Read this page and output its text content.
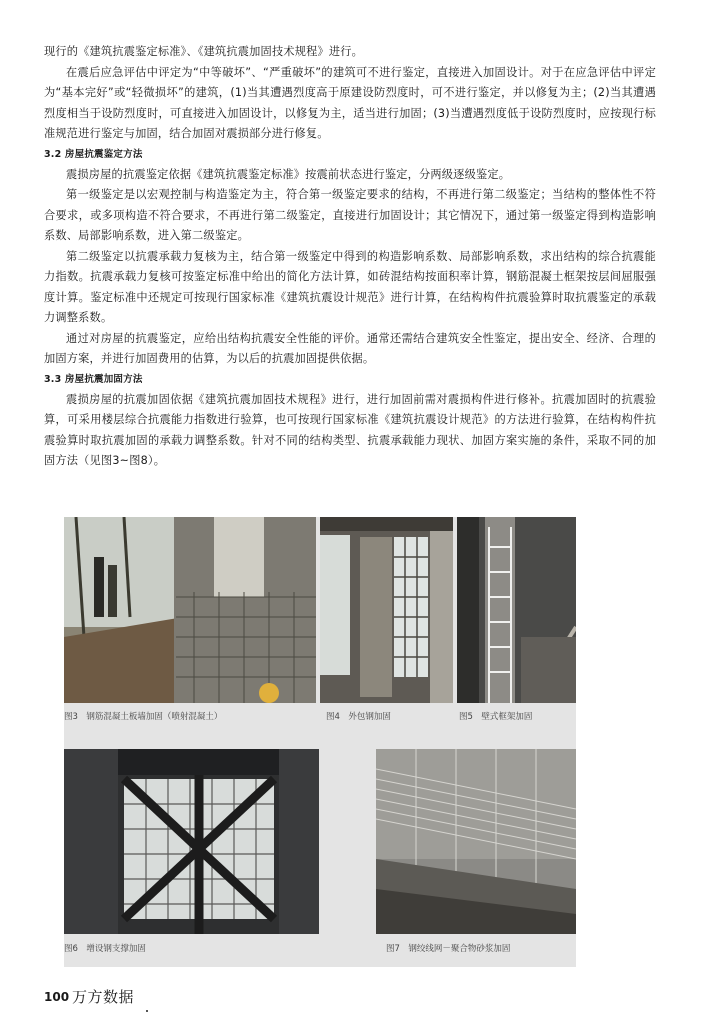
现行的《建筑抗震鉴定标准》、《建筑抗震加固技术规程》进行。

在震后应急评估中评定为“中等破坏”、“严重破坏”的建筑可不进行鉴定，直接进入加固设计。对于在应急评估中评定为“基本完好”或“轻微损坏”的建筑，(1)当其遭遇烈度高于原建设防烈度时，可不进行鉴定，并以修复为主；(2)当其遭遇烈度相当于设防烈度时，可直接进入加固设计，以修复为主，适当进行加固；(3)当遭遇烈度低于设防烈度时，应按现行标准规范进行鉴定与加固，结合加固对震损部分进行修复。

3.2 房屋抗震鉴定方法

震损房屋的抗震鉴定依据《建筑抗震鉴定标准》按震前状态进行鉴定，分两级逐级鉴定。

第一级鉴定是以宏观控制与构造鉴定为主，符合第一级鉴定要求的结构，不再进行第二级鉴定；当结构的整体性不符合要求，或多项构造不符合要求，不再进行第二级鉴定，直接进行加固设计；其它情况下，通过第一级鉴定得到构造影响系数、局部影响系数，进入第二级鉴定。

第二级鉴定以抗震承载力复核为主，结合第一级鉴定中得到的构造影响系数、局部影响系数，求出结构的综合抗震能力指数。抗震承载力复核可按鉴定标准中给出的简化方法计算，如砖混结构按面积率计算，钢筋混凝土框架按层间屈服强度计算。鉴定标准中还规定可按现行国家标准《建筑抗震设计规范》进行计算，在结构构件抗震验算时取抗震鉴定的承载力调整系数。

通过对房屋的抗震鉴定，应给出结构抗震安全性能的评价。通常还需结合建筑安全性鉴定，提出安全、经济、合理的加固方案，并进行加固费用的估算，为以后的抗震加固提供依据。

3.3 房屋抗震加固方法

震损房屋的抗震加固依据《建筑抗震加固技术规程》进行，进行加固前需对震损构件进行修补。抗震加固时的抗震验算，可采用楼层综合抗震能力指数进行验算，也可按现行国家标准《建筑抗震设计规范》的方法进行验算，在结构构件抗震验算时取抗震加固的承载力调整系数。针对不同的结构类型、抗震承载能力现状、加固方案实施的条件，采取不同的加固方法（见图3~图8）。

图3　钢筋混凝土板墙加固（喷射混凝土）	图4　外包钢加固	图5　壁式框架加固
图6　增设钢支撑加固	图7　钢绞线网－聚合物砂浆加固
100 万方数据
